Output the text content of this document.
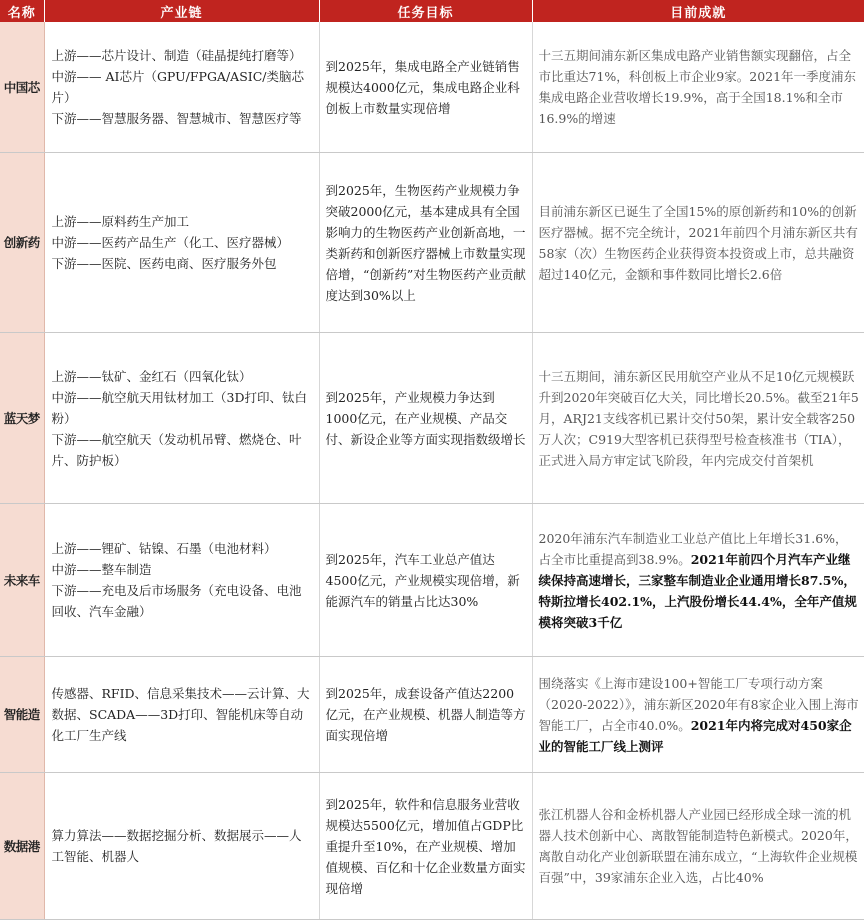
名称	产业链	任务目标	目前成就
中国芯	上游——芯片设计、制造（硅晶提纯打磨等）
中游—— AI芯片（GPU/FPGA/ASIC/类脑芯片）
下游——智慧服务器、智慧城市、智慧医疗等	到2025年，集成电路全产业链销售规模达4000亿元，集成电路企业科创板上市数量实现倍增	十三五期间浦东新区集成电路产业销售额实现翻倍，占全市比重达71%，科创板上市企业9家。2021年一季度浦东集成电路企业营收增长19.9%，高于全国18.1%和全市16.9%的增速
创新药	上游——原料药生产加工
中游——医药产品生产（化工、医疗器械）
下游——医院、医药电商、医疗服务外包	到2025年，生物医药产业规模力争突破2000亿元，基本建成具有全国影响力的生物医药产业创新高地，一类新药和创新医疗器械上市数量实现倍增，“创新药”对生物医药产业贡献度达到30%以上	目前浦东新区已诞生了全国15%的原创新药和10%的创新医疗器械。据不完全统计，2021年前四个月浦东新区共有58家（次）生物医药企业获得资本投资或上市，总共融资超过140亿元，金额和事件数同比增长2.6倍
蓝天梦	上游——钛矿、金红石（四氧化钛）
中游——航空航天用钛材加工（3D打印、钛白粉）
下游——航空航天（发动机吊臂、燃烧仓、叶片、防护板）	到2025年，产业规模力争达到1000亿元，在产业规模、产品交付、新设企业等方面实现指数级增长	十三五期间，浦东新区民用航空产业从不足10亿元规模跃升到2020年突破百亿大关，同比增长20.5%。截至21年5月，ARJ21支线客机已累计交付50架，累计安全载客250万人次；C919大型客机已获得型号检查核准书（TIA），正式进入局方审定试飞阶段，年内完成交付首架机
未来车	上游——锂矿、钴镍、石墨（电池材料）
中游——整车制造
下游——充电及后市场服务（充电设备、电池回收、汽车金融）	到2025年，汽车工业总产值达4500亿元，产业规模实现倍增，新能源汽车的销量占比达30%	2020年浦东汽车制造业工业总产值比上年增长31.6%，占全市比重提高到38.9%。2021年前四个月汽车产业继续保持高速增长，三家整车制造业企业通用增长87.5%，特斯拉增长402.1%，上汽股份增长44.4%，全年产值规模将突破3千亿
智能造	传感器、RFID、信息采集技术——云计算、大数据、SCADA——3D打印、智能机床等自动化工厂生产线	到2025年，成套设备产值达2200亿元，在产业规模、机器人制造等方面实现倍增	围绕落实《上海市建设100+智能工厂专项行动方案（2020-2022）》，浦东新区2020年有8家企业入围上海市智能工厂，占全市40.0%。2021年内将完成对450家企业的智能工厂线上测评
数据港	算力算法——数据挖掘分析、数据展示——人工智能、机器人	到2025年，软件和信息服务业营收规模达5500亿元，增加值占GDP比重提升至10%，在产业规模、增加值规模、百亿和十亿企业数量方面实现倍增	张江机器人谷和金桥机器人产业园已经形成全球一流的机器人技术创新中心、离散智能制造特色新模式。2020年，离散自动化产业创新联盟在浦东成立，“上海软件企业规模百强”中，39家浦东企业入选，占比40%
